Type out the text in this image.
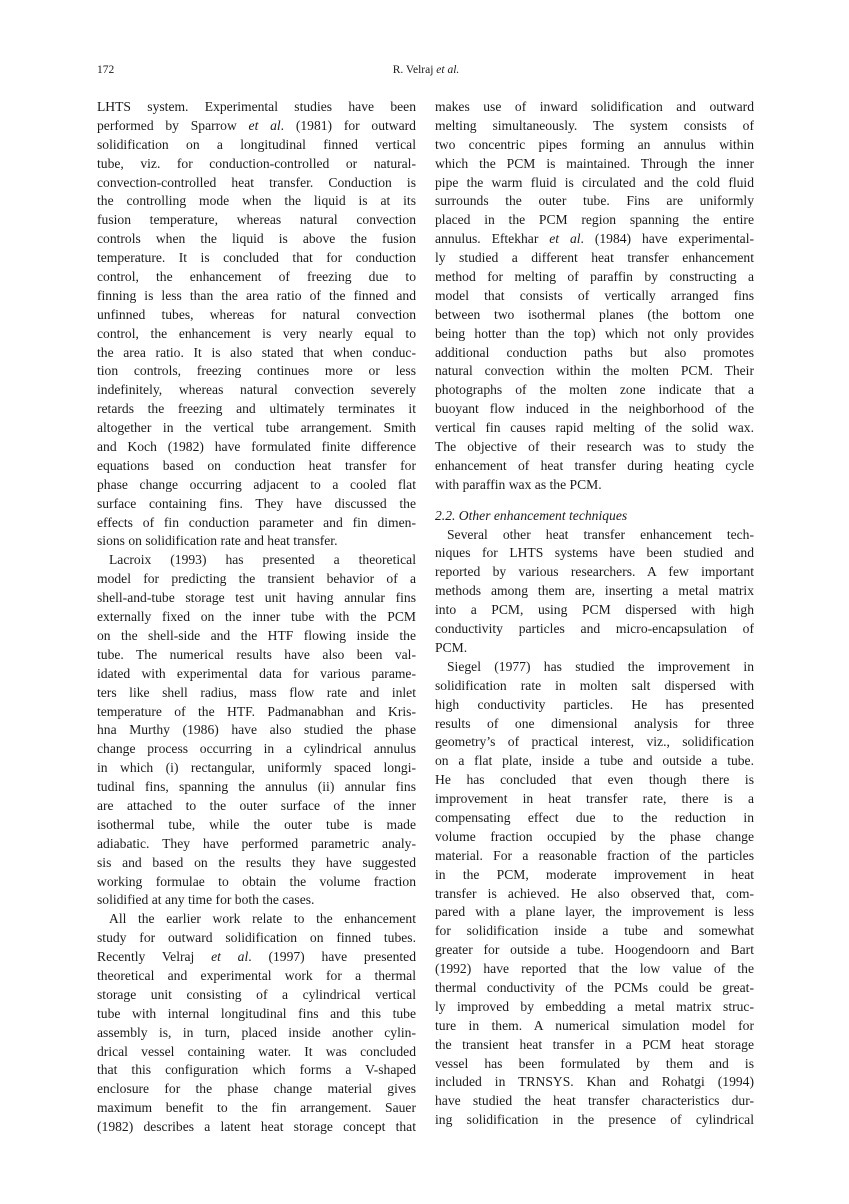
172	R. Velraj et al.
LHTS system. Experimental studies have been
performed by Sparrow et al. (1981) for outward
solidification on a longitudinal finned vertical
tube, viz. for conduction-controlled or natural-
convection-controlled heat transfer. Conduction is
the controlling mode when the liquid is at its
fusion temperature, whereas natural convection
controls when the liquid is above the fusion
temperature. It is concluded that for conduction
control, the enhancement of freezing due to
finning is less than the area ratio of the finned and
unfinned tubes, whereas for natural convection
control, the enhancement is very nearly equal to
the area ratio. It is also stated that when conduc-
tion controls, freezing continues more or less
indefinitely, whereas natural convection severely
retards the freezing and ultimately terminates it
altogether in the vertical tube arrangement. Smith
and Koch (1982) have formulated finite difference
equations based on conduction heat transfer for
phase change occurring adjacent to a cooled flat
surface containing fins. They have discussed the
effects of fin conduction parameter and fin dimen-
sions on solidification rate and heat transfer.
Lacroix (1993) has presented a theoretical
model for predicting the transient behavior of a
shell-and-tube storage test unit having annular fins
externally fixed on the inner tube with the PCM
on the shell-side and the HTF flowing inside the
tube. The numerical results have also been val-
idated with experimental data for various parame-
ters like shell radius, mass flow rate and inlet
temperature of the HTF. Padmanabhan and Kris-
hna Murthy (1986) have also studied the phase
change process occurring in a cylindrical annulus
in which (i) rectangular, uniformly spaced longi-
tudinal fins, spanning the annulus (ii) annular fins
are attached to the outer surface of the inner
isothermal tube, while the outer tube is made
adiabatic. They have performed parametric analy-
sis and based on the results they have suggested
working formulae to obtain the volume fraction
solidified at any time for both the cases.
All the earlier work relate to the enhancement
study for outward solidification on finned tubes.
Recently Velraj et al. (1997) have presented
theoretical and experimental work for a thermal
storage unit consisting of a cylindrical vertical
tube with internal longitudinal fins and this tube
assembly is, in turn, placed inside another cylin-
drical vessel containing water. It was concluded
that this configuration which forms a V-shaped
enclosure for the phase change material gives
maximum benefit to the fin arrangement. Sauer
(1982) describes a latent heat storage concept that
makes use of inward solidification and outward
melting simultaneously. The system consists of
two concentric pipes forming an annulus within
which the PCM is maintained. Through the inner
pipe the warm fluid is circulated and the cold fluid
surrounds the outer tube. Fins are uniformly
placed in the PCM region spanning the entire
annulus. Eftekhar et al. (1984) have experimental-
ly studied a different heat transfer enhancement
method for melting of paraffin by constructing a
model that consists of vertically arranged fins
between two isothermal planes (the bottom one
being hotter than the top) which not only provides
additional conduction paths but also promotes
natural convection within the molten PCM. Their
photographs of the molten zone indicate that a
buoyant flow induced in the neighborhood of the
vertical fin causes rapid melting of the solid wax.
The objective of their research was to study the
enhancement of heat transfer during heating cycle
with paraffin wax as the PCM.
2.2. Other enhancement techniques
Several other heat transfer enhancement tech-
niques for LHTS systems have been studied and
reported by various researchers. A few important
methods among them are, inserting a metal matrix
into a PCM, using PCM dispersed with high
conductivity particles and micro-encapsulation of
PCM.
Siegel (1977) has studied the improvement in
solidification rate in molten salt dispersed with
high conductivity particles. He has presented
results of one dimensional analysis for three
geometry’s of practical interest, viz., solidification
on a flat plate, inside a tube and outside a tube.
He has concluded that even though there is
improvement in heat transfer rate, there is a
compensating effect due to the reduction in
volume fraction occupied by the phase change
material. For a reasonable fraction of the particles
in the PCM, moderate improvement in heat
transfer is achieved. He also observed that, com-
pared with a plane layer, the improvement is less
for solidification inside a tube and somewhat
greater for outside a tube. Hoogendoorn and Bart
(1992) have reported that the low value of the
thermal conductivity of the PCMs could be great-
ly improved by embedding a metal matrix struc-
ture in them. A numerical simulation model for
the transient heat transfer in a PCM heat storage
vessel has been formulated by them and is
included in TRNSYS. Khan and Rohatgi (1994)
have studied the heat transfer characteristics dur-
ing solidification in the presence of cylindrical
